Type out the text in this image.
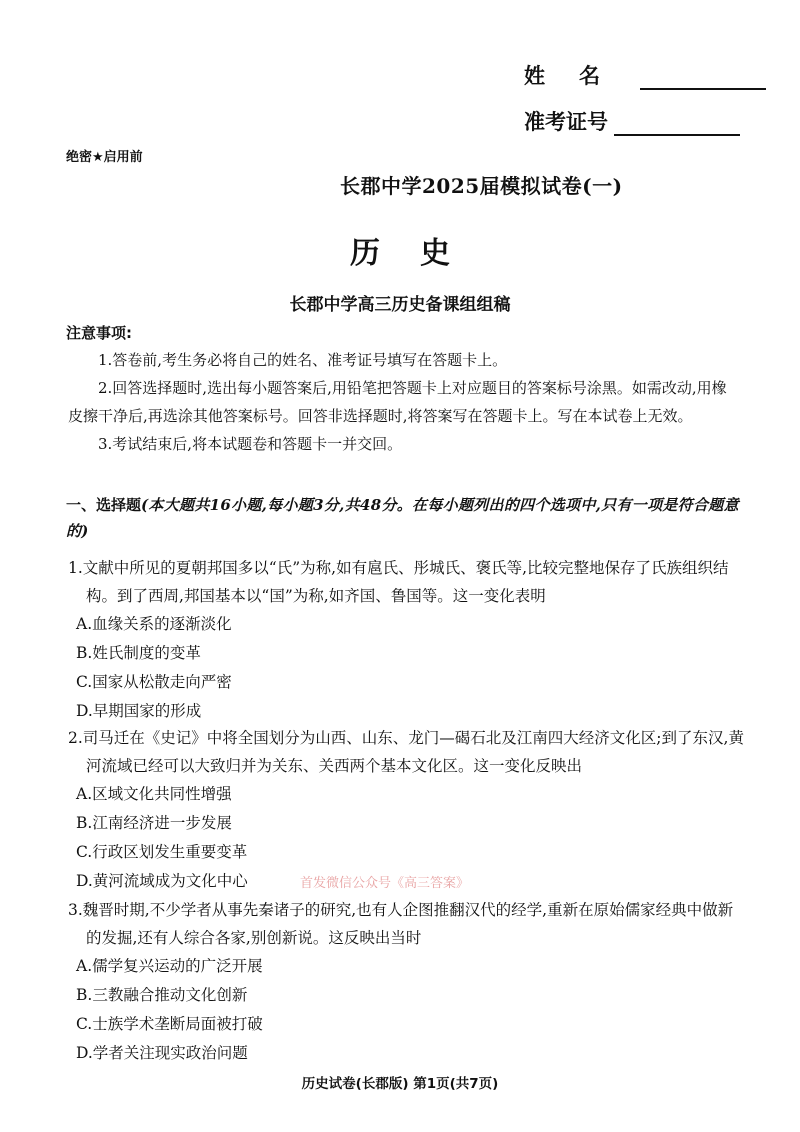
姓名
准考证号
绝密★启用前
长郡中学2025届模拟试卷(一)
历史
长郡中学高三历史备课组组稿
注意事项:

1.答卷前,考生务必将自己的姓名、准考证号填写在答题卡上。

2.回答选择题时,选出每小题答案后,用铅笔把答题卡上对应题目的答案标号涂黑。如需改动,用橡皮擦干净后,再选涂其他答案标号。回答非选择题时,将答案写在答题卡上。写在本试卷上无效。

3.考试结束后,将本试题卷和答题卡一并交回。

一、选择题(本大题共16小题,每小题3分,共48分。在每小题列出的四个选项中,只有一项是符合题意的)

1.文献中所见的夏朝邦国多以“氏”为称,如有扈氏、彤城氏、褒氏等,比较完整地保存了氏族组织结构。到了西周,邦国基本以“国”为称,如齐国、鲁国等。这一变化表明

A.血缘关系的逐渐淡化

B.姓氏制度的变革

C.国家从松散走向严密

D.早期国家的形成

2.司马迁在《史记》中将全国划分为山西、山东、龙门—碣石北及江南四大经济文化区;到了东汉,黄河流域已经可以大致归并为关东、关西两个基本文化区。这一变化反映出

A.区域文化共同性增强

B.江南经济进一步发展

C.行政区划发生重要变革

D.黄河流域成为文化中心	首发微信公众号《高三答案》

3.魏晋时期,不少学者从事先秦诸子的研究,也有人企图推翻汉代的经学,重新在原始儒家经典中做新的发掘,还有人综合各家,别创新说。这反映出当时

A.儒学复兴运动的广泛开展

B.三教融合推动文化创新

C.士族学术垄断局面被打破

D.学者关注现实政治问题

历史试卷(长郡版) 第1页(共7页)
